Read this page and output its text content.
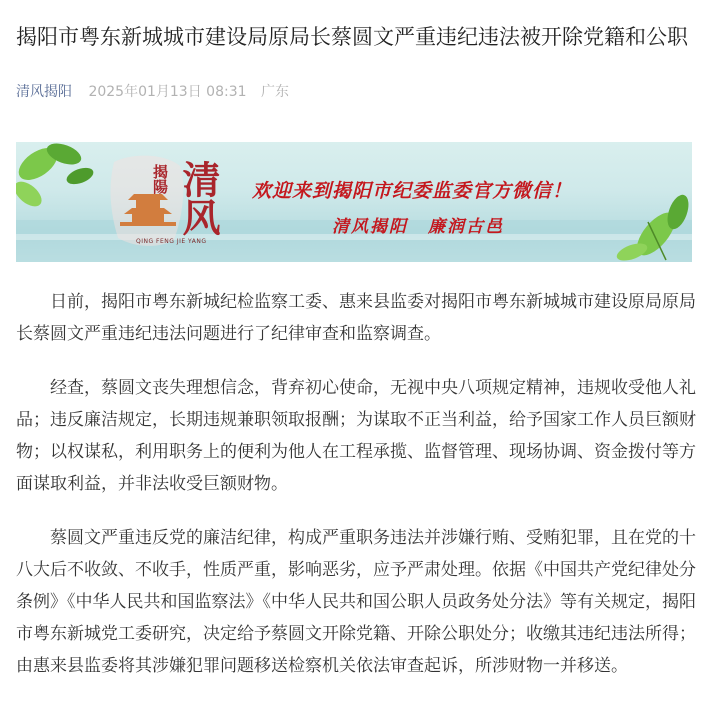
揭阳市粤东新城城市建设局原局长蔡圆文严重违纪违法被开除党籍和公职
清风揭阳 2025年01月13日 08:31 广东
揭陽 清风
QING FENG JIE YANG
欢迎来到揭阳市纪委监委官方微信！
清风揭阳 廉润古邑

日前，揭阳市粤东新城纪检监察工委、惠来县监委对揭阳市粤东新城城市建设原局原局长蔡圆文严重违纪违法问题进行了纪律审查和监察调查。

经查，蔡圆文丧失理想信念，背弃初心使命，无视中央八项规定精神，违规收受他人礼品；违反廉洁规定，长期违规兼职领取报酬；为谋取不正当利益，给予国家工作人员巨额财物；以权谋私，利用职务上的便利为他人在工程承揽、监督管理、现场协调、资金拨付等方面谋取利益，并非法收受巨额财物。

蔡圆文严重违反党的廉洁纪律，构成严重职务违法并涉嫌行贿、受贿犯罪，且在党的十八大后不收敛、不收手，性质严重，影响恶劣，应予严肃处理。依据《中国共产党纪律处分条例》《中华人民共和国监察法》《中华人民共和国公职人员政务处分法》等有关规定，揭阳市粤东新城党工委研究，决定给予蔡圆文开除党籍、开除公职处分；收缴其违纪违法所得；由惠来县监委将其涉嫌犯罪问题移送检察机关依法审查起诉，所涉财物一并移送。
